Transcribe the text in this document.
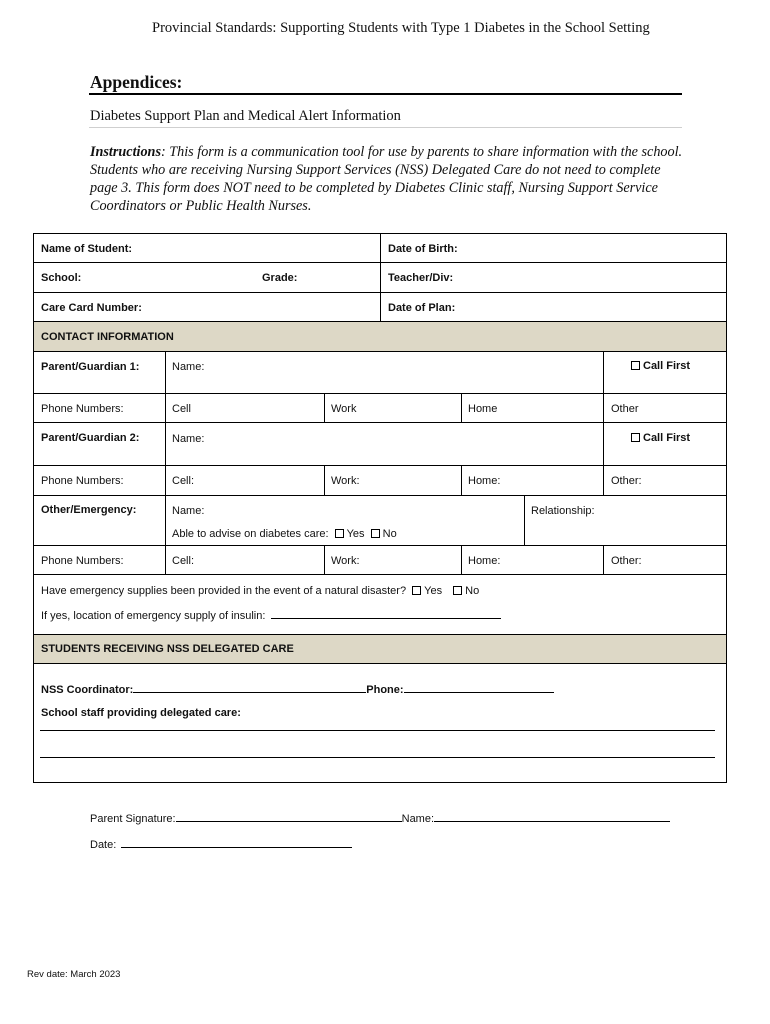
Provincial Standards: Supporting Students with Type 1 Diabetes in the School Setting
Appendices:
Diabetes Support Plan and Medical Alert Information
Instructions: This form is a communication tool for use by parents to share information with the school. Students who are receiving Nursing Support Services (NSS) Delegated Care do not need to complete page 3. This form does NOT need to be completed by Diabetes Clinic staff, Nursing Support Service Coordinators or Public Health Nurses.
Name of Student:	Date of Birth:
School:	Grade:	Teacher/Div:
Care Card Number:	Date of Plan:
CONTACT INFORMATION
Parent/Guardian 1:	Name:	Call First
Phone Numbers:	Cell	Work	Home	Other
Parent/Guardian 2:	Name:	Call First
Phone Numbers:	Cell:	Work:	Home:	Other:
Other/Emergency:	Name:	Relationship:
Able to advise on diabetes care: Yes No
Phone Numbers:	Cell:	Work:	Home:	Other:
Have emergency supplies been provided in the event of a natural disaster? Yes No
If yes, location of emergency supply of insulin:
STUDENTS RECEIVING NSS DELEGATED CARE
NSS Coordinator:	Phone:
School staff providing delegated care:
Parent Signature:	Name:
Date:
Rev date: March 2023
